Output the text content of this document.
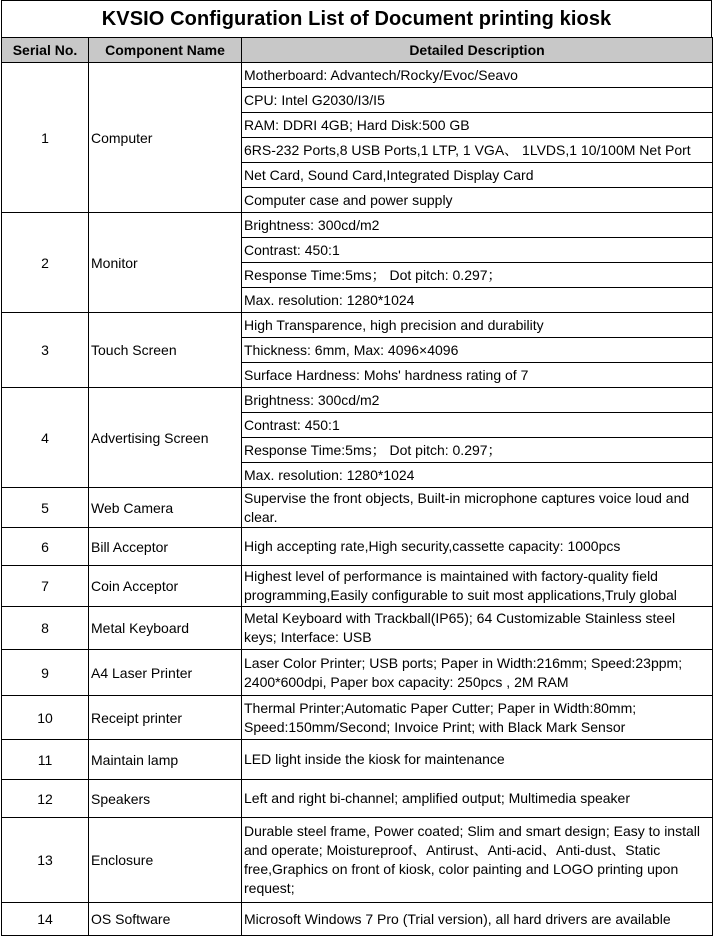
KVSIO Configuration List of Document printing kiosk
Serial No.	Component Name	Detailed Description
1	Computer	Motherboard: Advantech/Rocky/Evoc/Seavo
		CPU: Intel G2030/I3/I5
		RAM: DDRI 4GB; Hard Disk:500 GB
		6RS-232 Ports,8 USB Ports,1 LTP, 1 VGA、 1LVDS,1 10/100M Net Port
		Net Card, Sound Card,Integrated Display Card
		Computer case and power supply
2	Monitor	Brightness: 300cd/m2
		Contrast: 450:1
		Response Time:5ms； Dot pitch: 0.297；
		Max. resolution: 1280*1024
3	Touch Screen	High Transparence, high precision and durability
		Thickness: 6mm, Max: 4096×4096
		Surface Hardness: Mohs' hardness rating of 7
4	Advertising Screen	Brightness: 300cd/m2
		Contrast: 450:1
		Response Time:5ms； Dot pitch: 0.297；
		Max. resolution: 1280*1024
5	Web Camera	Supervise the front objects, Built-in microphone captures voice loud and clear.
6	Bill Acceptor	High accepting rate,High security,cassette capacity: 1000pcs
7	Coin Acceptor	Highest level of performance is maintained with factory-quality field programming,Easily configurable to suit most applications,Truly global
8	Metal Keyboard	Metal Keyboard with Trackball(IP65); 64 Customizable Stainless steel keys; Interface: USB
9	A4 Laser Printer	Laser Color Printer; USB ports; Paper in Width:216mm; Speed:23ppm; 2400*600dpi, Paper box capacity: 250pcs , 2M RAM
10	Receipt printer	Thermal Printer;Automatic Paper Cutter; Paper in Width:80mm; Speed:150mm/Second; Invoice Print; with Black Mark Sensor
11	Maintain lamp	LED light inside the kiosk for maintenance
12	Speakers	Left and right bi-channel; amplified output; Multimedia speaker
13	Enclosure	Durable steel frame, Power coated; Slim and smart design; Easy to install and operate; Moistureproof、Antirust、Anti-acid、Anti-dust、Static free,Graphics on front of kiosk, color painting and LOGO printing upon request;
14	OS Software	Microsoft Windows 7 Pro (Trial version), all hard drivers are available
